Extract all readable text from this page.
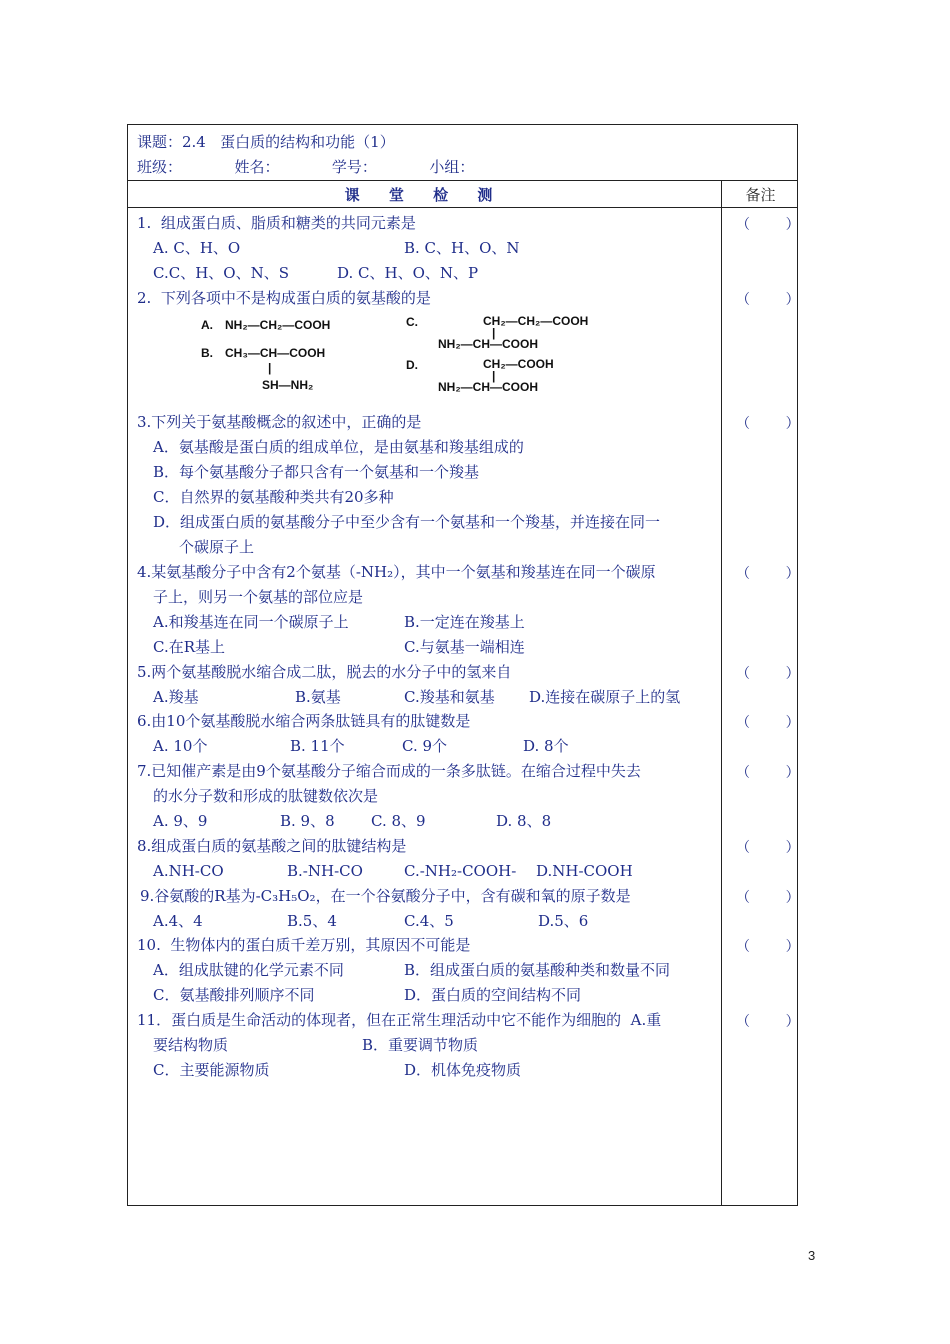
课题：2.4   蛋白质的结构和功能（1）
班级：           姓名：           学号：           小组：
课 堂 检 测	备注
1.  组成蛋白质、脂质和糖类的共同元素是	（        ）
A. C、H、O	B. C、H、O、N
C.C、H、O、N、S	D. C、H、O、N、P
2.  下列各项中不是构成蛋白质的氨基酸的是	（        ）
A. NH₂—CH₂—COOH
B. CH₃—CH—COOH
|
SH—NH₂
C.	CH₂—CH₂—COOH
|
NH₂—CH—COOH
D.	CH₂—COOH
|
NH₂—CH—COOH
3.下列关于氨基酸概念的叙述中，正确的是	（        ）
A．氨基酸是蛋白质的组成单位，是由氨基和羧基组成的
B．每个氨基酸分子都只含有一个氨基和一个羧基
C．自然界的氨基酸种类共有20多种
D．组成蛋白质的氨基酸分子中至少含有一个氨基和一个羧基，并连接在同一
个碳原子上
4.某氨基酸分子中含有2个氨基（-NH₂），其中一个氨基和羧基连在同一个碳原	（        ）
子上，则另一个氨基的部位应是
A.和羧基连在同一个碳原子上	B.一定连在羧基上
C.在R基上	C.与氨基一端相连
5.两个氨基酸脱水缩合成二肽，脱去的水分子中的氢来自	（        ）
A.羧基	B.氨基	C.羧基和氨基 D.连接在碳原子上的氢
6.由10个氨基酸脱水缩合两条肽链具有的肽键数是	（        ）
A. 10个	B. 11个	C. 9个	D. 8个
7.已知催产素是由9个氨基酸分子缩合而成的一条多肽链。在缩合过程中失去	（        ）
的水分子数和形成的肽键数依次是
A. 9、9	B. 9、8 C. 8、9	D. 8、8
8.组成蛋白质的氨基酸之间的肽键结构是	（        ）
A.NH-CO	B.-NH-CO	C.-NH₂-COOH- D.NH-COOH
9.谷氨酸的R基为-C₃H₅O₂，在一个谷氨酸分子中，含有碳和氧的原子数是	（        ）
A.4、4	B.5、4	C.4、5	D.5、6
10.  生物体内的蛋白质千差万别，其原因不可能是	（        ）
A．组成肽键的化学元素不同	B．组成蛋白质的氨基酸种类和数量不同
C．氨基酸排列顺序不同	D．蛋白质的空间结构不同
11．蛋白质是生命活动的体现者，但在正常生理活动中它不能作为细胞的  A.重	（        ）
要结构物质	B．重要调节物质
C．主要能源物质	D．机体免疫物质
3
